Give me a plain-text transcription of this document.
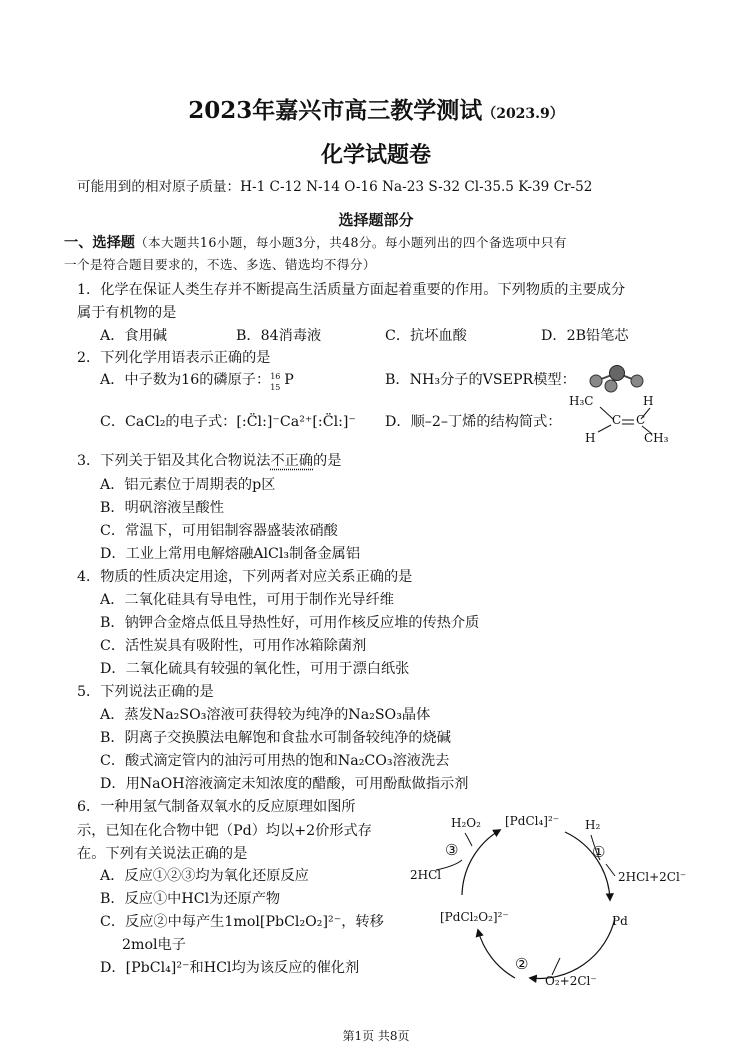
2023年嘉兴市高三教学测试（2023.9）
化学试题卷
可能用到的相对原子质量：H-1 C-12 N-14 O-16 Na-23 S-32 Cl-35.5 K-39 Cr-52
选择题部分
一、选择题（本大题共16小题，每小题3分，共48分。每小题列出的四个备选项中只有
一个是符合题目要求的，不选、多选、错选均不得分）
1．化学在保证人类生存并不断提高生活质量方面起着重要的作用。下列物质的主要成分
属于有机物的是
A．食用碱	B．84消毒液	C．抗坏血酸	D．2B铅笔芯
2．下列化学用语表示正确的是
A．中子数为16的磷原子： 16
15 P	B．NH₃分子的VSEPR模型：
C．CaCl₂的电子式：[:C̈l:]⁻Ca²⁺[:C̈l:]⁻ D．顺–2–丁烯的结构简式：
H₃C	H
C C
H	CH₃
3．下列关于铝及其化合物说法不正确的是
A．铝元素位于周期表的p区
B．明矾溶液呈酸性
C．常温下，可用铝制容器盛装浓硝酸
D．工业上常用电解熔融AlCl₃制备金属铝
4．物质的性质决定用途，下列两者对应关系正确的是
A．二氧化硅具有导电性，可用于制作光导纤维
B．钠钾合金熔点低且导热性好，可用作核反应堆的传热介质
C．活性炭具有吸附性，可用作冰箱除菌剂
D．二氧化硫具有较强的氧化性，可用于漂白纸张
5．下列说法正确的是
A．蒸发Na₂SO₃溶液可获得较为纯净的Na₂SO₃晶体
B．阴离子交换膜法电解饱和食盐水可制备较纯净的烧碱
C．酸式滴定管内的油污可用热的饱和Na₂CO₃溶液洗去
D．用NaOH溶液滴定未知浓度的醋酸，可用酚酞做指示剂
6．一种用氢气制备双氧水的反应原理如图所
示，已知在化合物中钯（Pd）均以+2价形式存
在。下列有关说法正确的是
A．反应①②③均为氧化还原反应
B．反应①中HCl为还原产物
C．反应②中每产生1mol[PbCl₂O₂]²⁻，转移
2mol电子
D．[PbCl₄]²⁻和HCl均为该反应的催化剂
[PdCl₄]²⁻
H₂O₂	H₂
③	①
2HCl	2HCl+2Cl⁻
[PdCl₂O₂]²⁻	Pd
②
O₂+2Cl⁻
第1页 共8页
